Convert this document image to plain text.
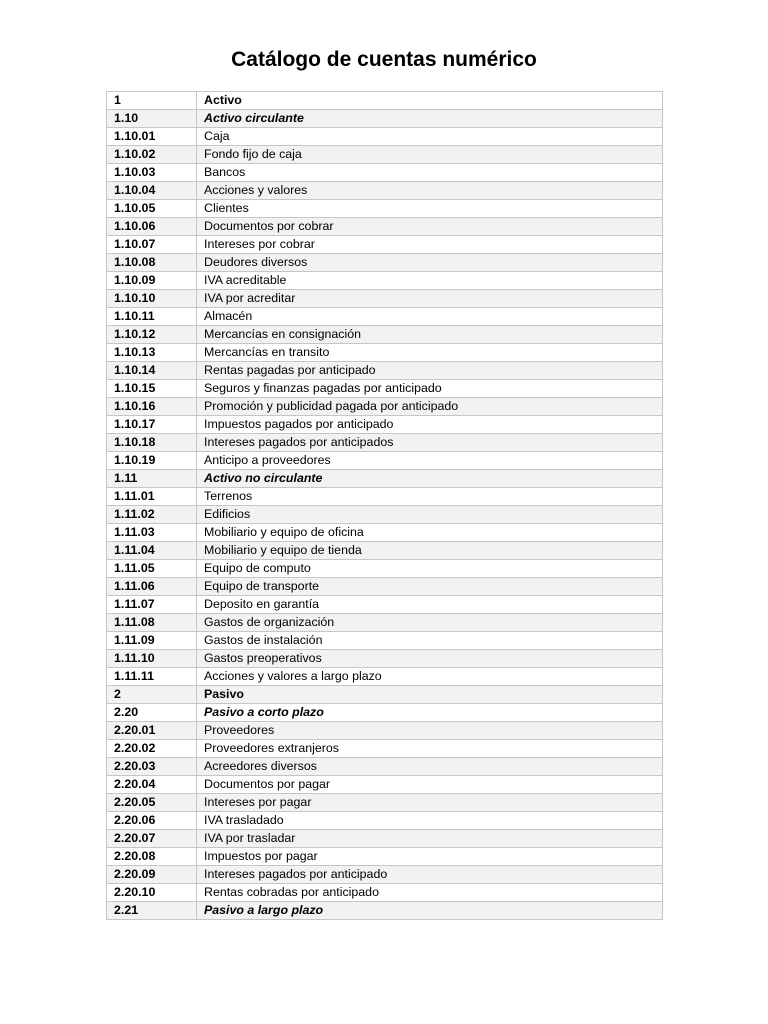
Catálogo de cuentas numérico
1	Activo
1.10	Activo circulante
1.10.01	Caja
1.10.02	Fondo fijo de caja
1.10.03	Bancos
1.10.04	Acciones y valores
1.10.05	Clientes
1.10.06	Documentos por cobrar
1.10.07	Intereses por cobrar
1.10.08	Deudores diversos
1.10.09	IVA acreditable
1.10.10	IVA por acreditar
1.10.11	Almacén
1.10.12	Mercancías en consignación
1.10.13	Mercancías en transito
1.10.14	Rentas pagadas por anticipado
1.10.15	Seguros y finanzas pagadas por anticipado
1.10.16	Promoción y publicidad pagada por anticipado
1.10.17	Impuestos pagados por anticipado
1.10.18	Intereses pagados por anticipados
1.10.19	Anticipo a proveedores
1.11	Activo no circulante
1.11.01	Terrenos
1.11.02	Edificios
1.11.03	Mobiliario y equipo de oficina
1.11.04	Mobiliario y equipo de tienda
1.11.05	Equipo de computo
1.11.06	Equipo de transporte
1.11.07	Deposito en garantía
1.11.08	Gastos de organización
1.11.09	Gastos de instalación
1.11.10	Gastos preoperativos
1.11.11	Acciones y valores a largo plazo
2	Pasivo
2.20	Pasivo a corto plazo
2.20.01	Proveedores
2.20.02	Proveedores extranjeros
2.20.03	Acreedores diversos
2.20.04	Documentos por pagar
2.20.05	Intereses por pagar
2.20.06	IVA trasladado
2.20.07	IVA por trasladar
2.20.08	Impuestos por pagar
2.20.09	Intereses pagados por anticipado
2.20.10	Rentas cobradas por anticipado
2.21	Pasivo a largo plazo
